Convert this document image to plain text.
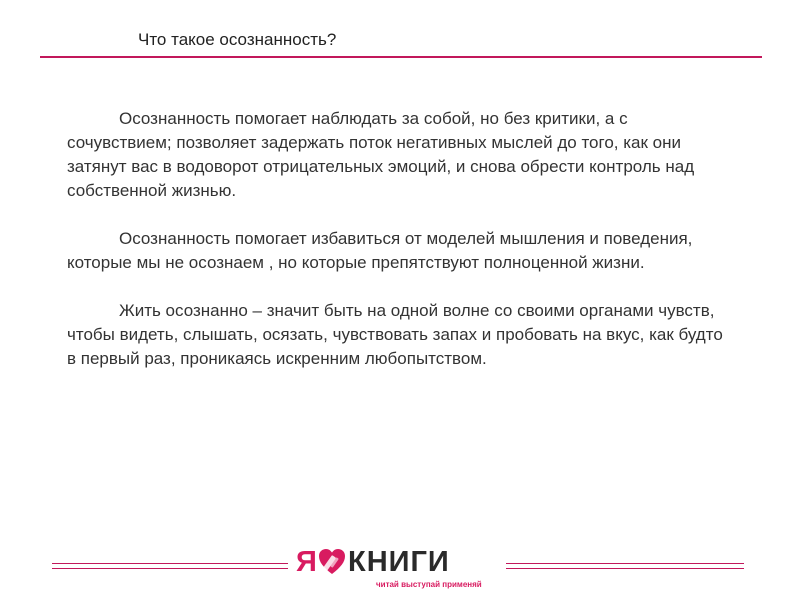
Что такое осознанность?

Осознанность помогает наблюдать за собой, но без критики, а с сочувствием; позволяет задержать поток негативных мыслей до того, как они затянут вас в водоворот отрицательных эмоций, и снова обрести контроль над собственной жизнью.

Осознанность помогает избавиться от моделей мышления и поведения, которые мы не осознаем , но которые препятствуют полноценной жизни.

Жить осознанно – значит быть на одной волне со своими органами чувств, чтобы видеть, слышать, осязать, чувствовать запах и пробовать на вкус, как будто в первый раз, проникаясь искренним любопытством.

Я КНИГИ
читай выступай применяй
